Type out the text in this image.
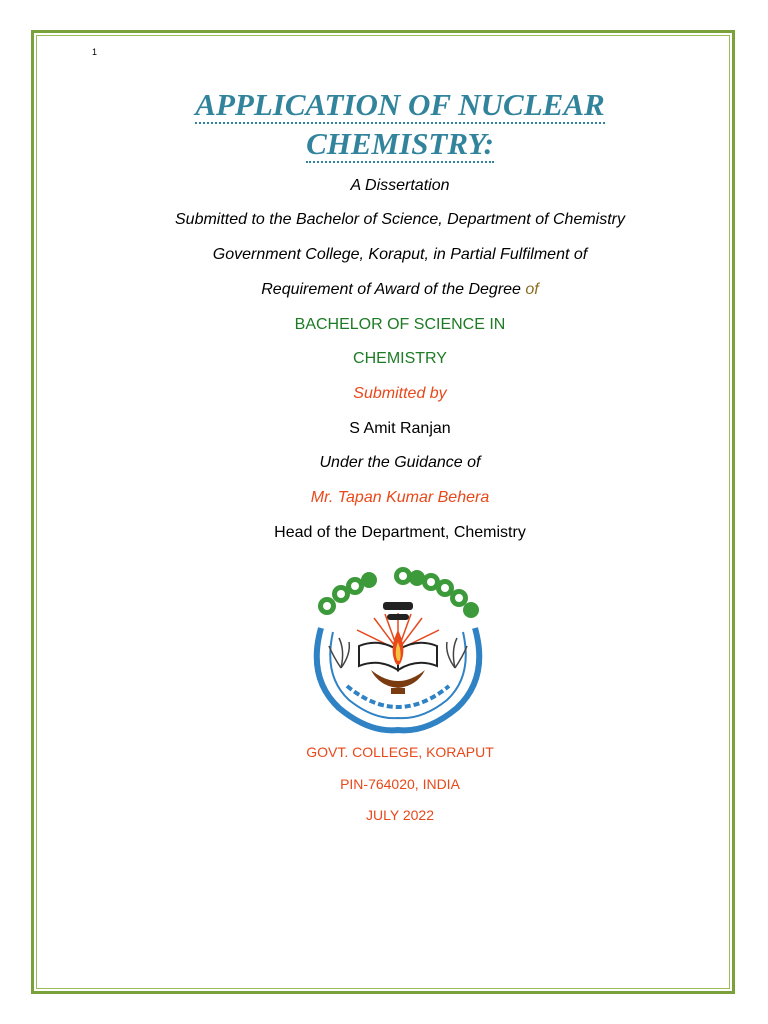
1
APPLICATION OF NUCLEAR
CHEMISTRY:
A Dissertation
Submitted to the Bachelor of Science, Department of Chemistry
Government College, Koraput, in Partial Fulfilment of
Requirement of Award of the Degree of
BACHELOR OF SCIENCE IN
CHEMISTRY
Submitted by
S Amit Ranjan
Under the Guidance of
Mr. Tapan Kumar Behera
Head of the Department, Chemistry
GOVT. COLLEGE, KORAPUT
PIN-764020, INDIA
JULY 2022
